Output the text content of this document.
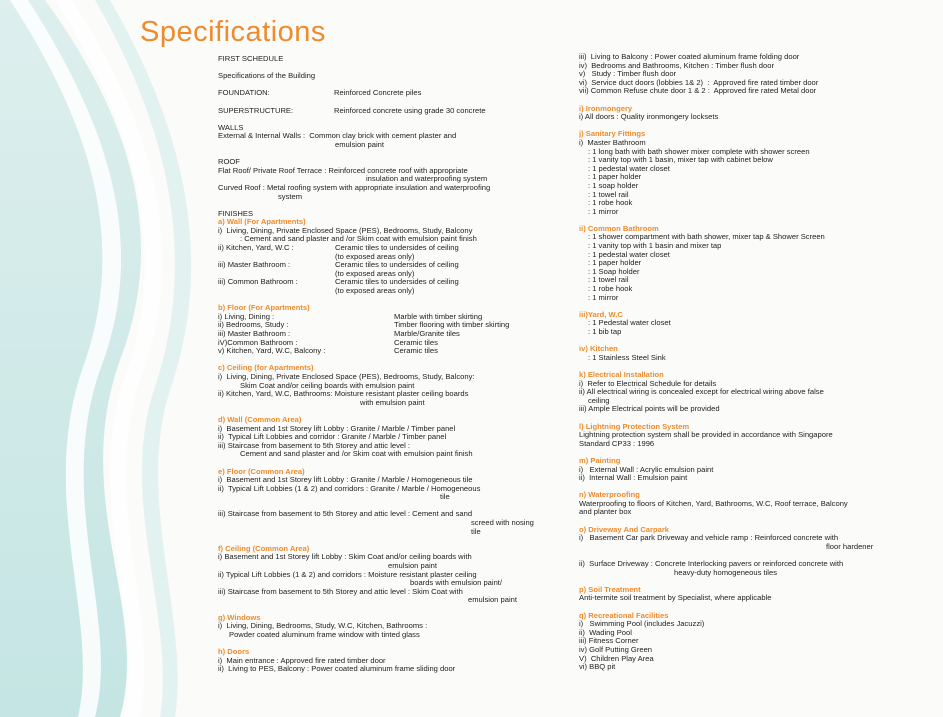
Specifications
FIRST SCHEDULE
Specifications of the Building
FOUNDATION:	Reinforced Concrete piles
SUPERSTRUCTURE:	Reinforced concrete using grade 30 concrete
WALLS
External & Internal Walls :  Common clay brick with cement plaster and
emulsion paint
ROOF
Flat Roof/ Private Roof Terrace : Reinforced concrete roof with appropriate
insulation and waterproofing system
Curved Roof : Metal roofing system with appropriate insulation and waterproofing
system
FINISHES
a) Wall (For Apartments)
i)  Living, Dining, Private Enclosed Space (PES), Bedrooms, Study, Balcony
: Cement and sand plaster and /or Skim coat with emulsion paint finish
ii) Kitchen, Yard, W.C :	Ceramic tiles to undersides of ceiling
(to exposed areas only)
iii) Master Bathroom :	Ceramic tiles to undersides of ceiling
(to exposed areas only)
iii) Common Bathroom :	Ceramic tiles to undersides of ceiling
(to exposed areas only)
b) Floor (For Apartments)
i) Living, Dining :	Marble with timber skirting
ii) Bedrooms, Study :	Timber flooring with timber skirting
iii) Master Bathroom :	Marble/Granite tiles
iV)Common Bathroom :	Ceramic tiles
v) Kitchen, Yard, W.C, Balcony :	Ceramic tiles
c) Ceiling (for Apartments)
i)  Living, Dining, Private Enclosed Space (PES), Bedrooms, Study, Balcony:
Skim Coat and/or ceiling boards with emulsion paint
ii) Kitchen, Yard, W.C, Bathrooms: Moisture resistant plaster ceiling boards
with emulsion paint
d) Wall (Common Area)
i)  Basement and 1st Storey lift Lobby : Granite / Marble / Timber panel
ii)  Typical Lift Lobbies and corridor : Granite / Marble / Timber panel
iii) Staircase from basement to 5th Storey and attic level :
Cement and sand plaster and /or Skim coat with emulsion paint finish
e) Floor (Common Area)
i)  Basement and 1st Storey lift Lobby : Granite / Marble / Homogeneous tile
ii)  Typical Lift Lobbies (1 & 2) and corridors : Granite / Marble / Homogeneous
tile
iii) Staircase from basement to 5th Storey and attic level : Cement and sand
screed with nosing
tile
f) Ceiling (Common Area)
i) Basement and 1st Storey lift Lobby : Skim Coat and/or ceiling boards with
emulsion paint
ii) Typical Lift Lobbies (1 & 2) and corridors : Moisture resistant plaster ceiling
boards with emulsion paint/
iii) Staircase from basement to 5th Storey and attic level : Skim Coat with
emulsion paint
g) Windows
i)  Living, Dining, Bedrooms, Study, W.C, Kitchen, Bathrooms :
Powder coated aluminum frame window with tinted glass
h) Doors
i)  Main entrance : Approved fire rated timber door
ii)  Living to PES, Balcony : Power coated aluminum frame sliding door
iii)  Living to Balcony : Power coated aluminum frame folding door
iv)  Bedrooms and Bathrooms, Kitchen : Timber flush door
v)   Study : Timber flush door
vi)  Service duct doors (lobbies 1& 2)  :  Approved fire rated timber door
vii) Common Refuse chute door 1 & 2 :  Approved fire rated Metal door
i) Ironmongery
i) All doors : Quality ironmongery locksets
j) Sanitary Fittings
i)  Master Bathroom
: 1 long bath with bath shower mixer complete with shower screen
: 1 vanity top with 1 basin, mixer tap with cabinet below
: 1 pedestal water closet
: 1 paper holder
: 1 soap holder
: 1 towel rail
: 1 robe hook
: 1 mirror
ii) Common Bathroom
: 1 shower compartment with bath shower, mixer tap & Shower Screen
: 1 vanity top with 1 basin and mixer tap
: 1 pedestal water closet
: 1 paper holder
: 1 Soap holder
: 1 towel rail
: 1 robe hook
: 1 mirror
iii)Yard, W.C
: 1 Pedestal water closet
: 1 bib tap
iv) Kitchen
: 1 Stainless Steel Sink
k) Electrical Installation
i)  Refer to Electrical Schedule for details
ii) All electrical wiring is concealed except for electrical wiring above false
ceiling
iii) Ample Electrical points will be provided
l) Lightning Protection System
Lightning protection system shall be provided in accordance with Singapore
Standard CP33 : 1996
m) Painting
i)   External Wall : Acrylic emulsion paint
ii)  Internal Wall : Emulsion paint
n) Waterproofing
Waterproofing to floors of Kitchen, Yard, Bathrooms, W.C, Roof terrace, Balcony
and planter box
o) Driveway And Carpark
i)   Basement Car park Driveway and vehicle ramp : Reinforced concrete with
floor hardener
ii)  Surface Driveway : Concrete Interlocking pavers or reinforced concrete with
heavy-duty homogeneous tiles
p) Soil Treatment
Anti-termite soil treatment by Specialist, where applicable
q) Recreational Facilities
i)   Swimming Pool (includes Jacuzzi)
ii)  Wading Pool
iii) Fitness Corner
iv) Golf Putting Green
V)  Children Play Area
vi) BBQ pit
